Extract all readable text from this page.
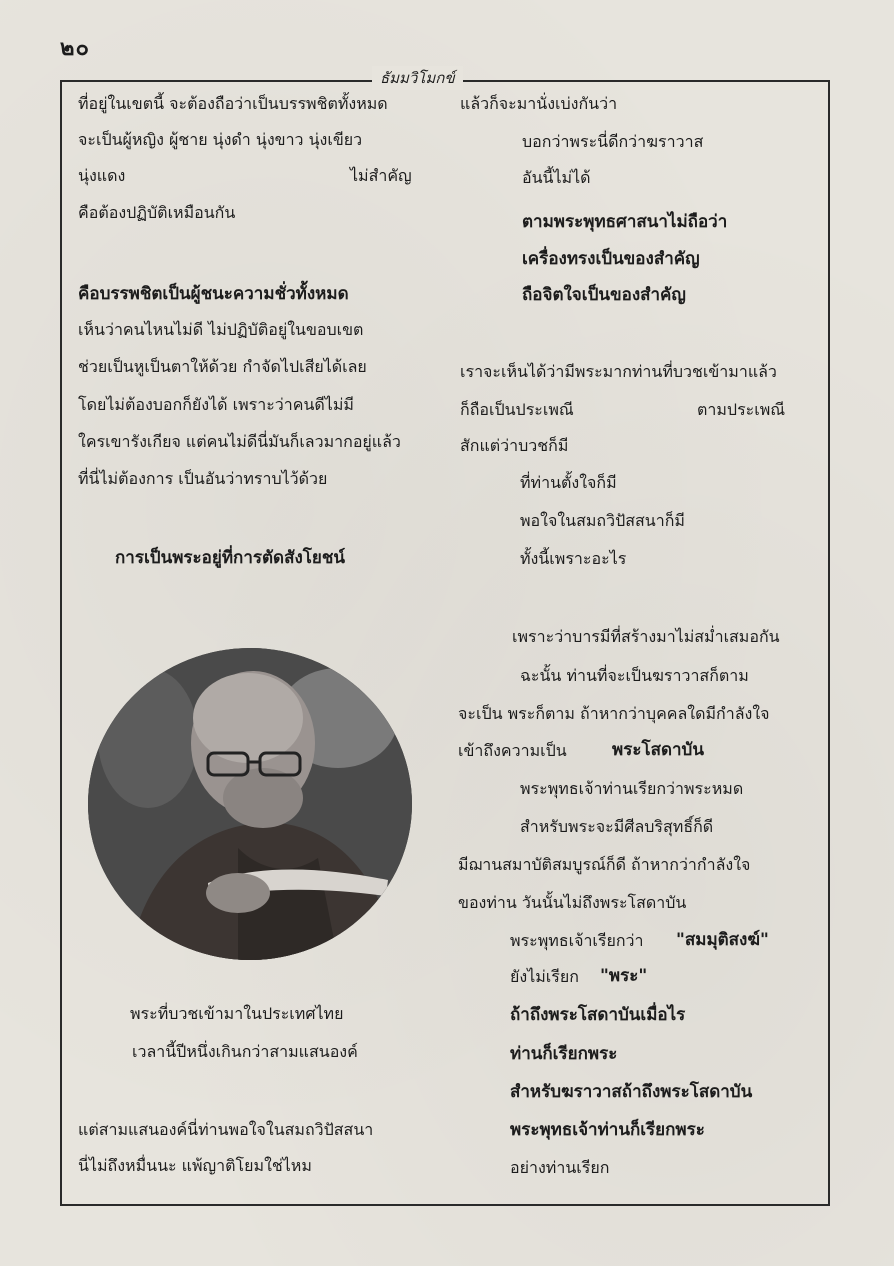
๒๐
ธัมมวิโมกข์
ที่อยู่ในเขตนี้ จะต้องถือว่าเป็นบรรพชิตทั้งหมด
จะเป็นผู้หญิง ผู้ชาย นุ่งดำ นุ่งขาว นุ่งเขียว
นุ่งแดง	ไม่สำคัญ
คือต้องปฏิบัติเหมือนกัน
คือบรรพชิตเป็นผู้ชนะความชั่วทั้งหมด
เห็นว่าคนไหนไม่ดี ไม่ปฏิบัติอยู่ในขอบเขต
ช่วยเป็นหูเป็นตาให้ด้วย กำจัดไปเสียได้เลย
โดยไม่ต้องบอกก็ยังได้ เพราะว่าคนดีไม่มี
ใครเขารังเกียจ แต่คนไม่ดีนี่มันก็เลวมากอยู่แล้ว
ที่นี่ไม่ต้องการ เป็นอันว่าทราบไว้ด้วย
การเป็นพระอยู่ที่การตัดสังโยชน์
พระที่บวชเข้ามาในประเทศไทย
เวลานี้ปีหนึ่งเกินกว่าสามแสนองค์
แต่สามแสนองค์นี่ท่านพอใจในสมถวิปัสสนา
นี่ไม่ถึงหมื่นนะ แพ้ญาติโยมใช่ไหม
แล้วก็จะมานั่งเบ่งกันว่า
บอกว่าพระนี่ดีกว่าฆราวาส
อันนี้ไม่ได้
ตามพระพุทธศาสนาไม่ถือว่า
เครื่องทรงเป็นของสำคัญ
ถือจิตใจเป็นของสำคัญ
เราจะเห็นได้ว่ามีพระมากท่านที่บวชเข้ามาแล้ว
ก็ถือเป็นประเพณี	ตามประเพณี
สักแต่ว่าบวชก็มี
ที่ท่านตั้งใจก็มี
พอใจในสมถวิปัสสนาก็มี
ทั้งนี้เพราะอะไร
เพราะว่าบารมีที่สร้างมาไม่สม่ำเสมอกัน
ฉะนั้น ท่านที่จะเป็นฆราวาสก็ตาม
จะเป็น พระก็ตาม ถ้าหากว่าบุคคลใดมีกำลังใจ
เข้าถึงความเป็น	พระโสดาบัน
พระพุทธเจ้าท่านเรียกว่าพระหมด
สำหรับพระจะมีศีลบริสุทธิ์ก็ดี
มีฌานสมาบัติสมบูรณ์ก็ดี ถ้าหากว่ากำลังใจ
ของท่าน วันนั้นไม่ถึงพระโสดาบัน
พระพุทธเจ้าเรียกว่า "สมมุติสงฆ์"
ยังไม่เรียก "พระ"
ถ้าถึงพระโสดาบันเมื่อไร
ท่านก็เรียกพระ
สำหรับฆราวาสถ้าถึงพระโสดาบัน
พระพุทธเจ้าท่านก็เรียกพระ
อย่างท่านเรียก
